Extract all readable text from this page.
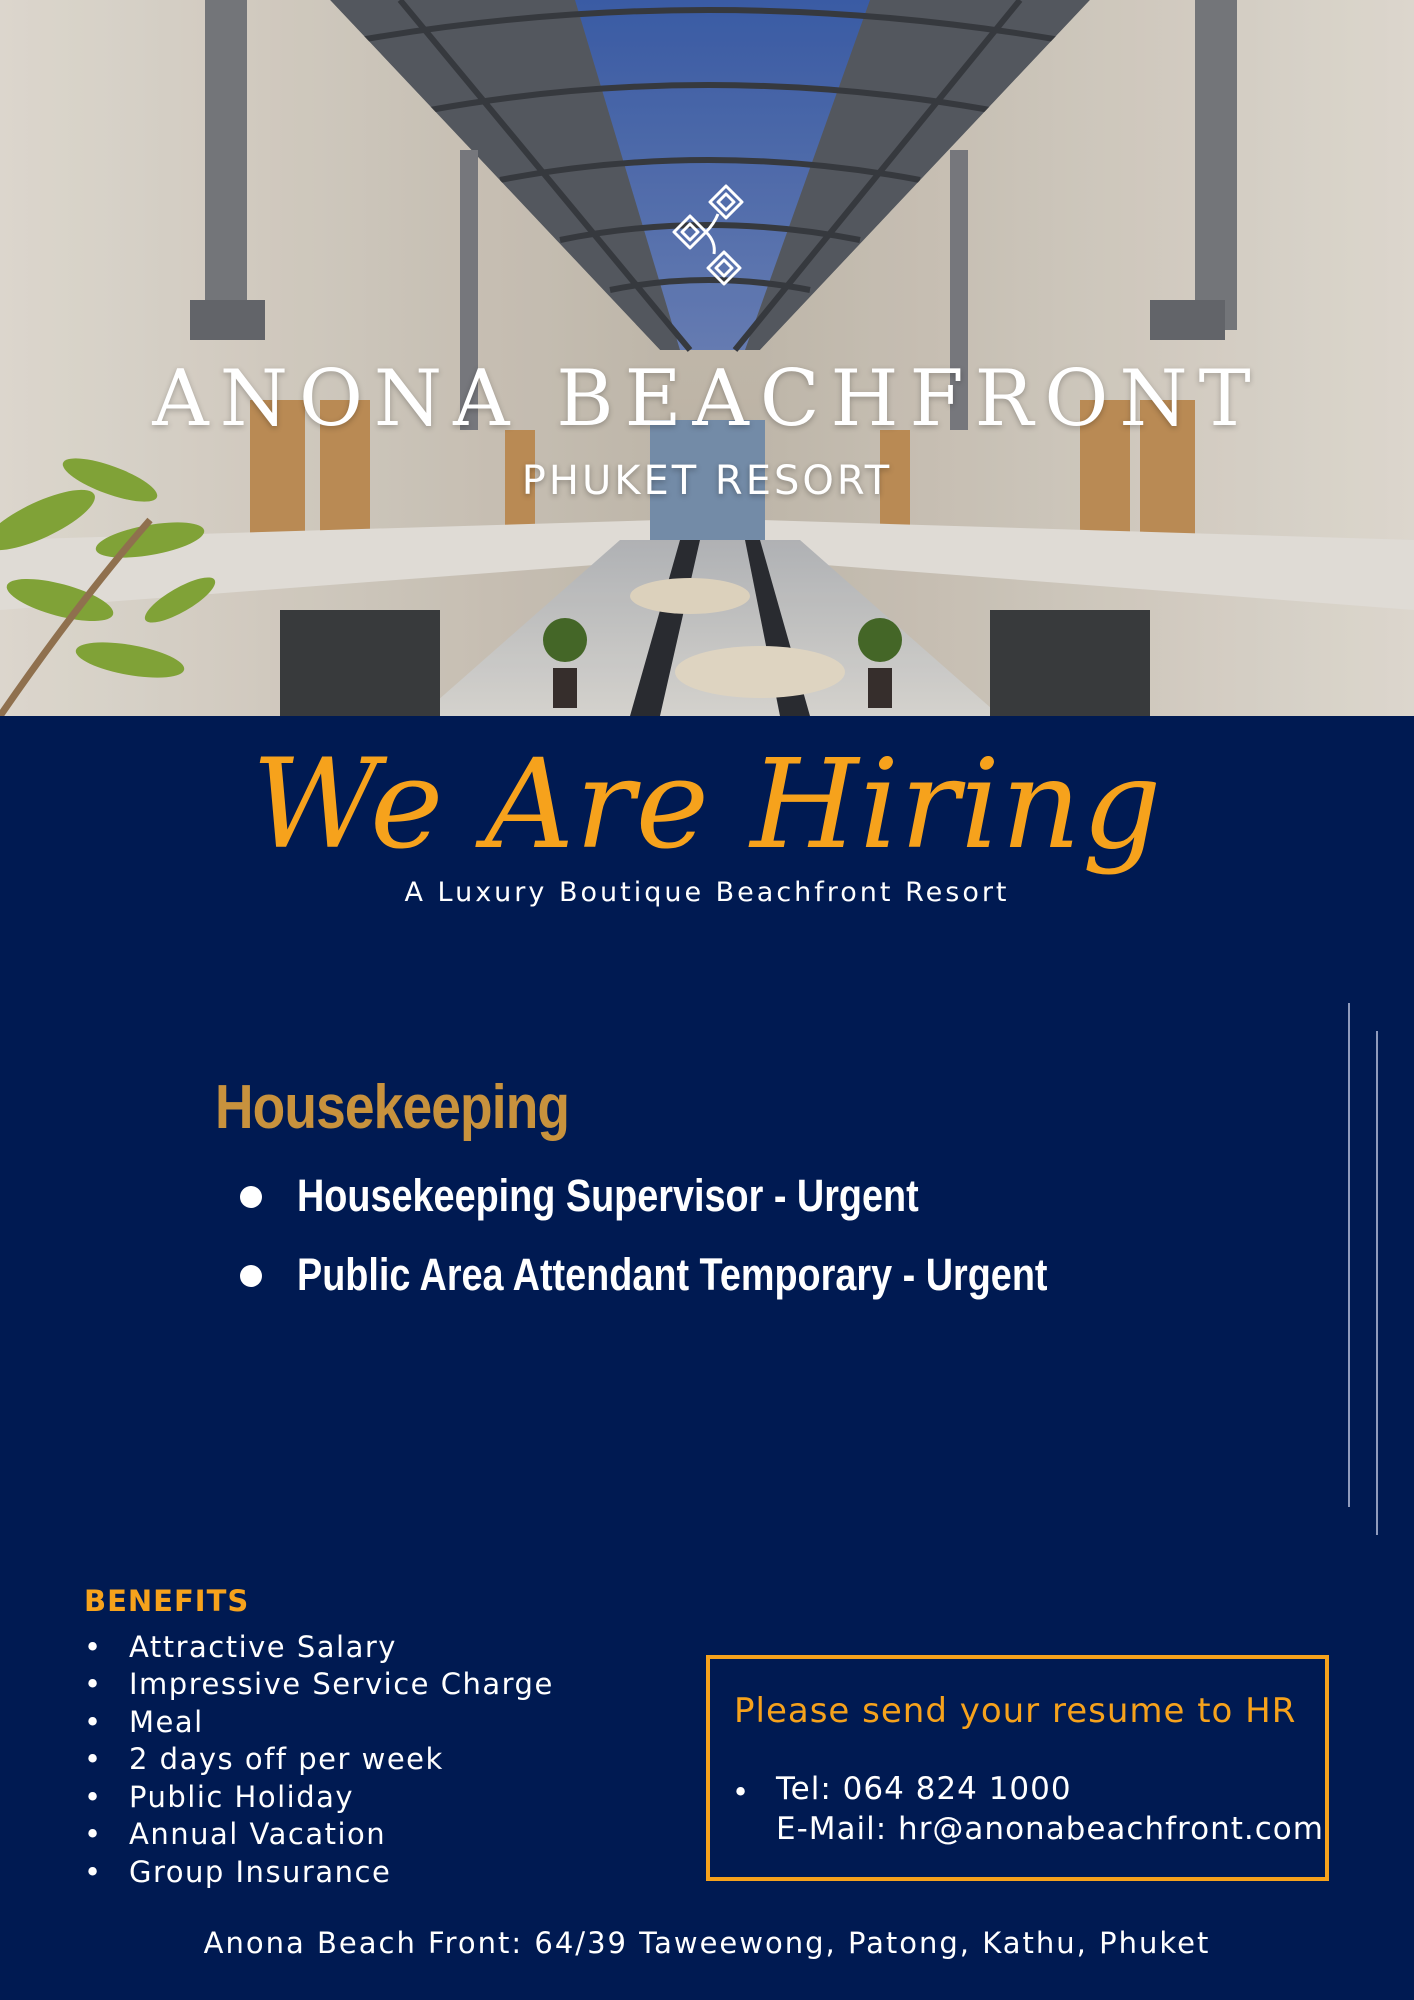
ANONA BEACHFRONT
PHUKET RESORT
We Are Hiring
A Luxury Boutique Beachfront Resort
Housekeeping
Housekeeping Supervisor - Urgent
Public Area Attendant Temporary - Urgent
BENEFITS
• Attractive Salary
• Impressive Service Charge
• Meal
• 2 days off per week
• Public Holiday
• Annual Vacation
• Group Insurance
Please send your resume to HR
• Tel: 064 824 1000
E-Mail: hr@anonabeachfront.com
Anona Beach Front: 64/39 Taweewong, Patong, Kathu, Phuket
